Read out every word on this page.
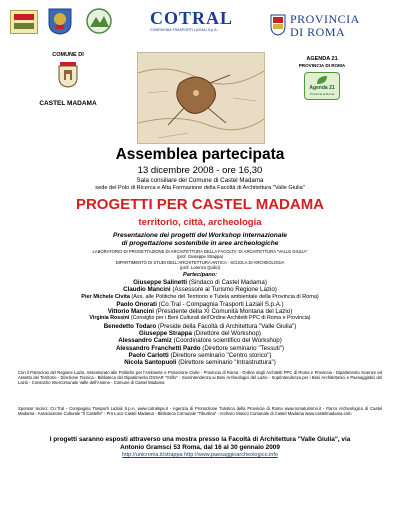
COTRAL
COMPAGNIA TRASPORTI LAZIALI S.p.A.
PROVINCIA
DI ROMA
COMUNE DI
CASTEL MADAMA
AGENDA 21
PROVINCIA DI ROMA
Agenda 21
Provincia di Roma
Assemblea partecipata
13 dicembre 2008 - ore 16,30
Sala consiliare del Comune di Castel Madama
sede del Polo di Ricerca e Alta Formazione della Facoltà di Architettura "Valle Giulia"
PROGETTI PER CASTEL MADAMA
territorio, città, archeologia
Presentazione dei progetti del Workshop internazionale
di progettazione sostenibile in aree archeologiche
LABORATORIO DI PROGETTAZIONE DI ARCHITETTURA DELLA FACOLTA' DI ARCHITETTURA "VALLE GIULIA"
(prof. Giuseppe Strappa)
DIPARTIMENTO DI STUDI DELL'ARCHITETTURA ANTICA - SCUOLA DI ARCHEOLOGIA
(prof. Lorenzo Quilici)
Partecipano:
Giuseppe Salinetti (Sindaco di Castel Madama)
Claudio Mancini (Assessore al Turismo Regione Lazio)
Pier Michele Civita (Ass. alle Politiche del Territorio e Tutela ambientale della Provincia di Roma)
Paolo Onorati (Co.Tral - Compagnia Trasporti Laziali S.p.A.)
Vittorio Mancini (Presidente della XI Comunità Montana del Lazio)
Virginia Rossini (Consiglio per i Beni Culturali dell'Ordine Architetti PPC di Roma e Provincia)
Benedetto Todaro (Preside della Facoltà di Architettura "Valle Giulia")
Giuseppe Strappa (Direttore del Workshop)
Alessandro Camiz (Coordinatore scientifico del Workshop)
Alessandro Franchetti Pardo (Direttore seminario "Tessuti")
Paolo Carlotti (Direttore seminario "Centro storico")
Nicola Santopuoli (Direttore seminario "Intrastruttura")
Con il Patrocinio del Regione Lazio, Assessorato alle Politiche per l'Ambiente e Protezione Civile - Provincia di Roma - Ordine degli Architetti PPC di Roma e Provincia - Dipartimento Scienze ed Assetto del Territorio - Direzione Tecnica - Biblioteca del Dipartimento DSSAR "Grillo" - Sovrintendenza ai Beni Archeologici del Lazio - Soprintendenza per i Beni Architettonici e Paesaggistici del Lazio - Consorzio Intercomunale Valle dell'Aniene - Comune di Castel Madama
Sponsor tecnici: Co.Tral - Compagnia Trasporti Laziali S.p.A. www.cotralspa.it - Agenzia di Promozione Turistica della Provincia di Roma www.romaturismo.it - Parco Archeologico di Castel Madama - Associazione Culturale "Il Castello" - Pro Loco Castel Madama - Biblioteca Comunale "Tiburtina" - Archivio Storico Comunale di Castel Madama www.castelmadama.com
I progetti saranno esposti attraverso una mostra presso la Facoltà di Architettura "Valle Giulia", via
Antonio Gramsci 53 Roma, dal 16 al 30 gennaio 2009
http://unicroma.it/strappa http://www.paesaggioarcheologico.info
